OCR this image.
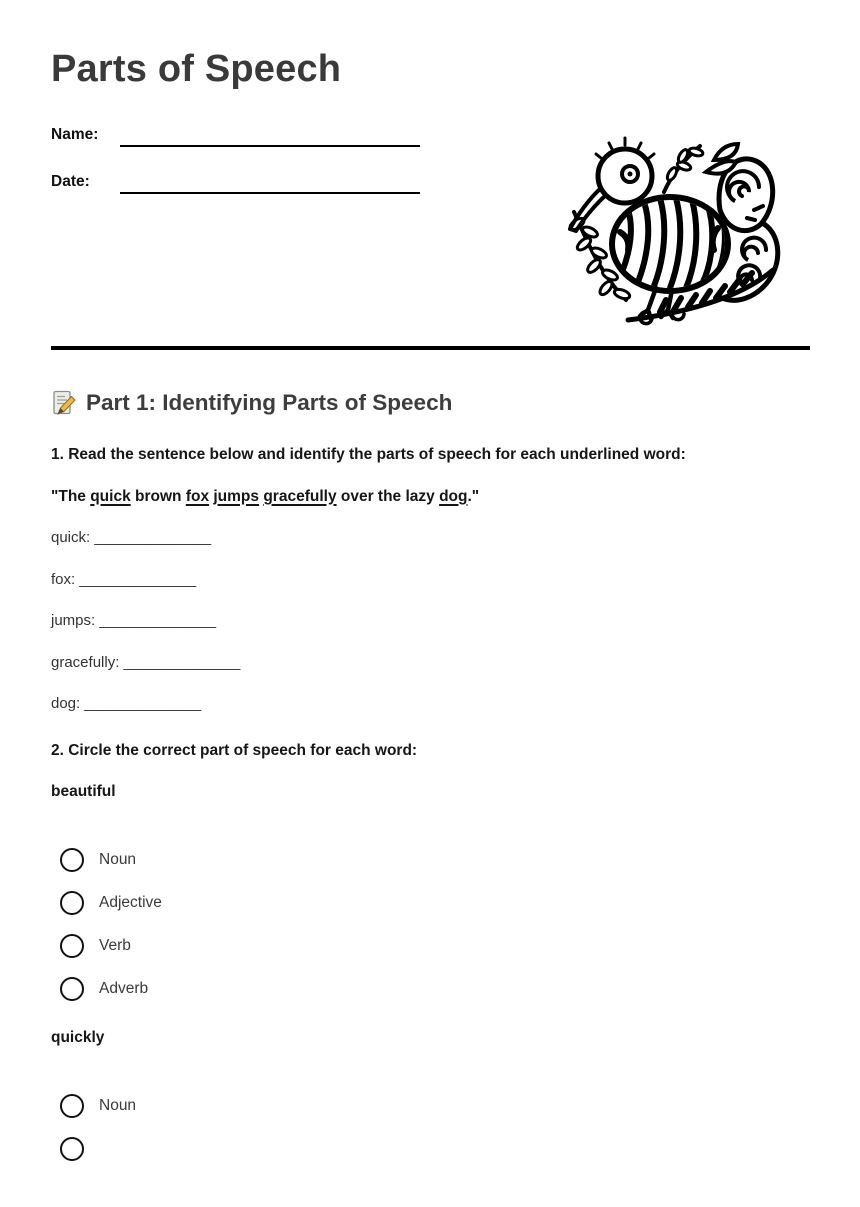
Parts of Speech
Name:
Date:
Part 1: Identifying Parts of Speech

1. Read the sentence below and identify the parts of speech for each underlined word:

"The quick brown fox jumps gracefully over the lazy dog."

quick: ______________

fox: ______________

jumps: ______________

gracefully: ______________

dog: ______________

2. Circle the correct part of speech for each word:

beautiful

Noun
Adjective
Verb
Adverb

quickly

Noun
